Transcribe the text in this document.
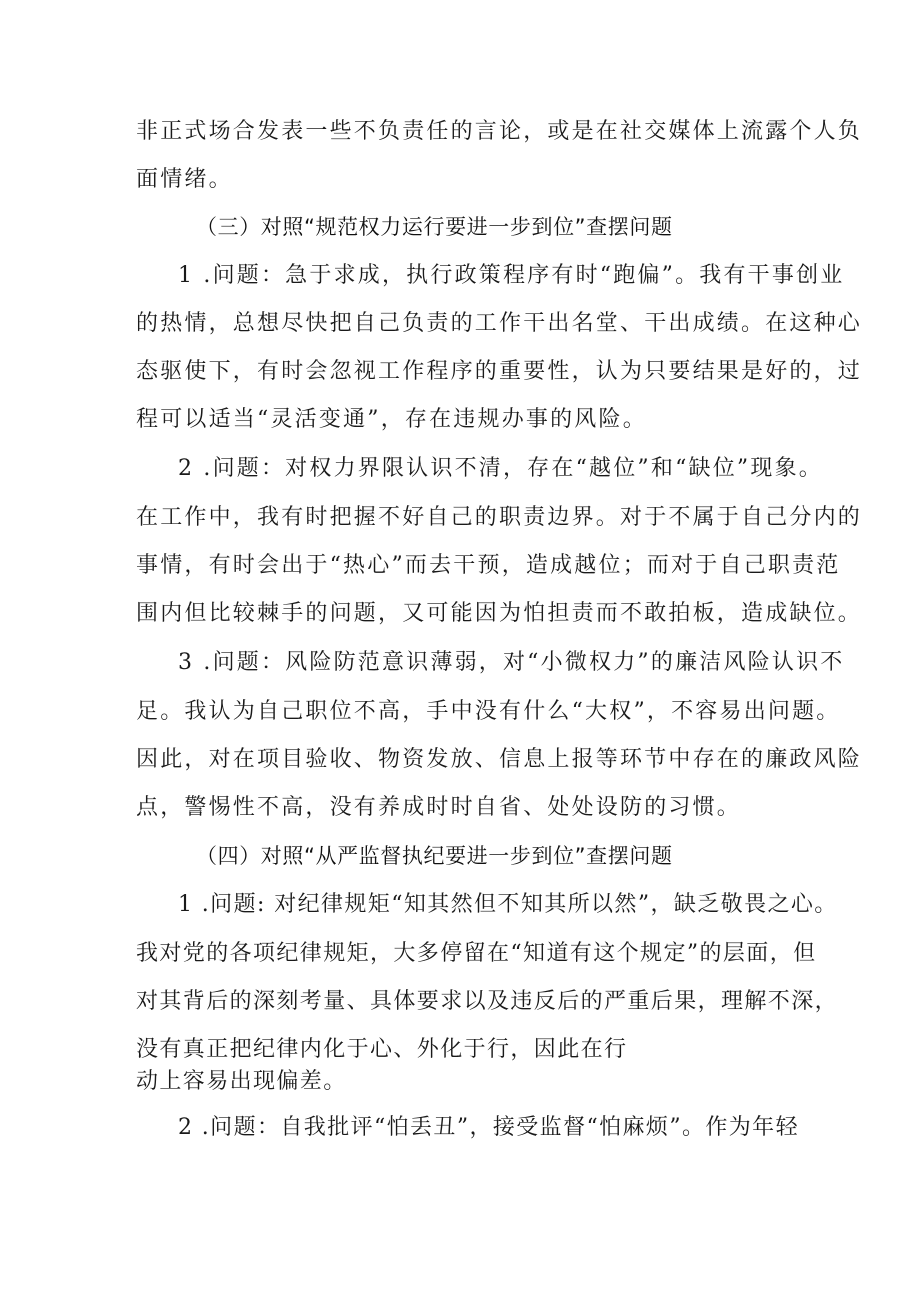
非正式场合发表一些不负责任的言论，或是在社交媒体上流露个人负
面情绪。
（三）对照“规范权力运行要进一步到位”查摆问题
1 .问题：急于求成，执行政策程序有时“跑偏”。我有干事创业
的热情，总想尽快把自己负责的工作干出名堂、干出成绩。在这种心
态驱使下，有时会忽视工作程序的重要性，认为只要结果是好的，过
程可以适当“灵活变通”，存在违规办事的风险。
2 .问题：对权力界限认识不清，存在“越位”和“缺位”现象。
在工作中，我有时把握不好自己的职责边界。对于不属于自己分内的
事情，有时会出于“热心”而去干预，造成越位；而对于自己职责范
围内但比较棘手的问题，又可能因为怕担责而不敢拍板，造成缺位。
3 .问题：风险防范意识薄弱，对“小微权力”的廉洁风险认识不
足。我认为自己职位不高，手中没有什么“大权”，不容易出问题。
因此，对在项目验收、物资发放、信息上报等环节中存在的廉政风险
点，警惕性不高，没有养成时时自省、处处设防的习惯。
（四）对照“从严监督执纪要进一步到位”查摆问题
1 .问题: 对纪律规矩“知其然但不知其所以然”，缺乏敬畏之心。
我对党的各项纪律规矩，大多停留在“知道有这个规定”的层面，但
对其背后的深刻考量、具体要求以及违反后的严重后果，理解不深，
没有真正把纪律内化于心、外化于行，因此在行
动上容易出现偏差。
2 .问题：自我批评“怕丢丑”，接受监督“怕麻烦”。作为年轻
